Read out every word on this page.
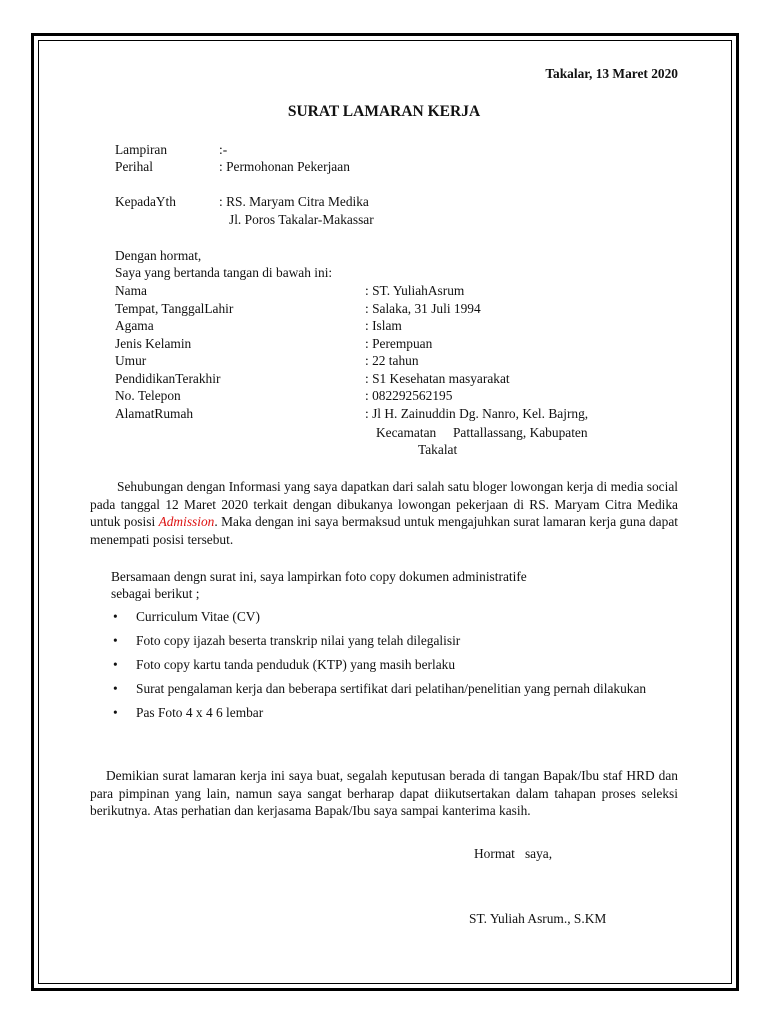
Takalar, 13 Maret 2020
SURAT LAMARAN KERJA
Lampiran	:-
Perihal	: Permohonan Pekerjaan
KepadaYth	: RS. Maryam Citra Medika
Jl. Poros Takalar-Makassar
Dengan hormat,
Saya yang bertanda tangan di bawah ini:
Nama	: ST. YuliahAsrum
Tempat, TanggalLahir	: Salaka, 31 Juli 1994
Agama	: Islam
Jenis Kelamin	: Perempuan
Umur	: 22 tahun
PendidikanTerakhir	: S1 Kesehatan masyarakat
No. Telepon	: 082292562195
AlamatRumah	: Jl H. Zainuddin Dg. Nanro, Kel. Bajrng,
Kecamatan     Pattallassang, Kabupaten
Takalat
Sehubungan dengan Informasi yang saya dapatkan dari salah satu bloger lowongan kerja di media social pada tanggal 12 Maret 2020 terkait dengan dibukanya lowongan pekerjaan di RS. Maryam Citra Medika untuk posisi Admission. Maka dengan ini saya bermaksud untuk mengajuhkan surat lamaran kerja guna dapat menempati posisi tersebut.
Bersamaan dengn surat ini, saya lampirkan foto copy dokumen administratife
sebagai berikut ;
• Curriculum Vitae (CV)
• Foto copy ijazah beserta transkrip nilai yang telah dilegalisir
• Foto copy kartu tanda penduduk (KTP) yang masih berlaku
• Surat pengalaman kerja dan beberapa sertifikat dari pelatihan/penelitian yang pernah dilakukan
• Pas Foto 4 x 4 6 lembar
Demikian surat lamaran kerja ini saya buat, segalah keputusan berada di tangan Bapak/Ibu staf HRD dan para pimpinan yang lain, namun saya sangat berharap dapat diikutsertakan dalam tahapan proses seleksi berikutnya. Atas perhatian dan kerjasama Bapak/Ibu saya sampai kanterima kasih.
Hormat   saya,
ST. Yuliah Asrum., S.KM
